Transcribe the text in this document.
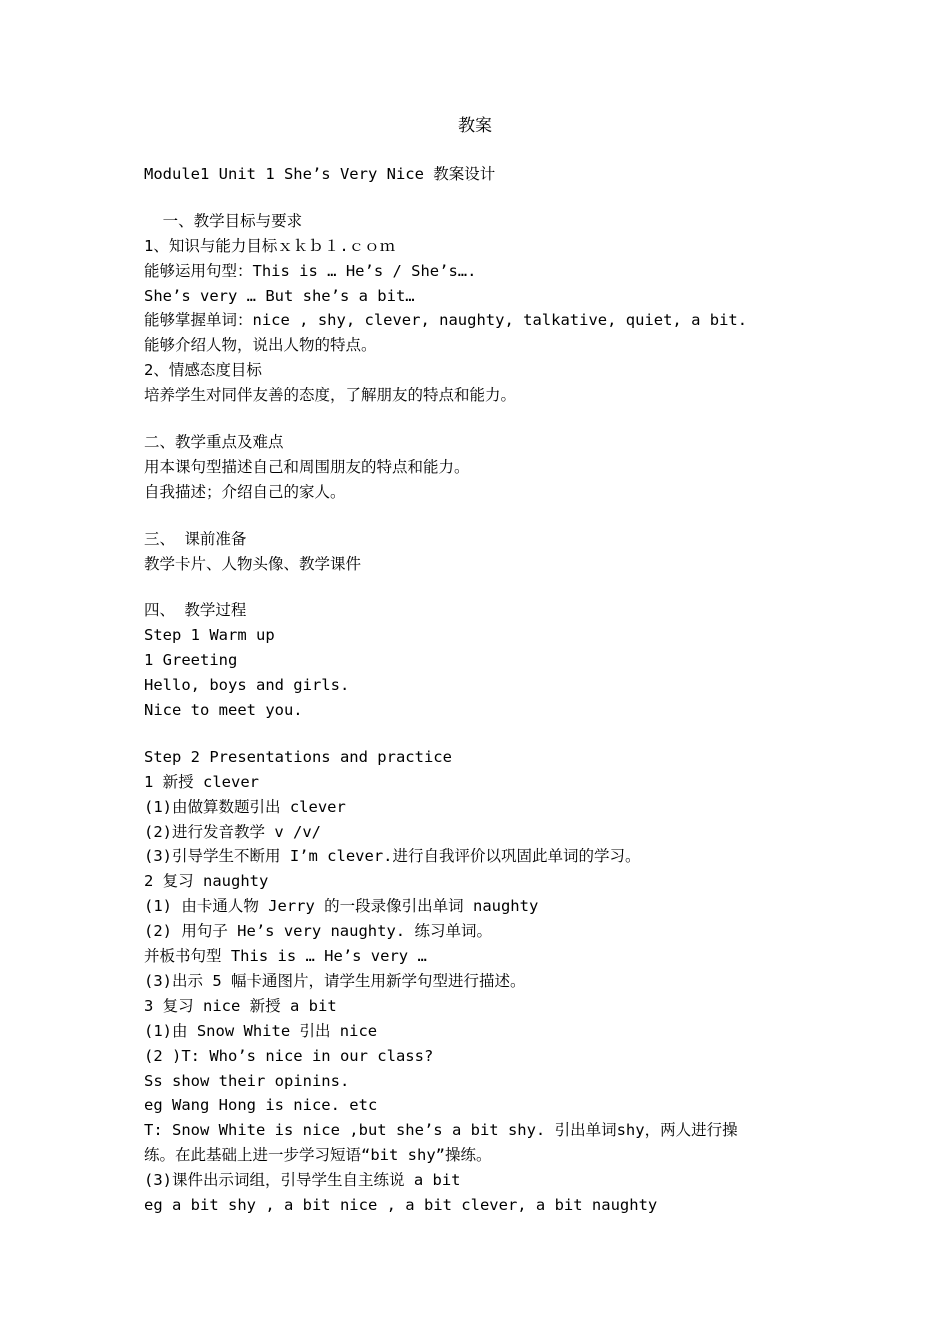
教案
Module1 Unit 1 She’s Very Nice 教案设计
一、教学目标与要求
1、知识与能力目标ｘｋｂ１.ｃｏｍ
能够运用句型：This is … He’s / She’s….
She’s very … But she’s a bit…
能够掌握单词：nice , shy, clever, naughty, talkative, quiet, a bit.
能够介绍人物，说出人物的特点。
2、情感态度目标
培养学生对同伴友善的态度，了解朋友的特点和能力。
二、教学重点及难点
用本课句型描述自己和周围朋友的特点和能力。
自我描述；介绍自己的家人。
三、 课前准备
教学卡片、人物头像、教学课件
四、 教学过程
Step 1 Warm up
1 Greeting
Hello, boys and girls.
Nice to meet you.
Step 2 Presentations and practice
1 新授 clever
(1)由做算数题引出 clever
(2)进行发音教学 v /v/
(3)引导学生不断用 I’m clever.进行自我评价以巩固此单词的学习。
2 复习 naughty
(1) 由卡通人物 Jerry 的一段录像引出单词 naughty
(2) 用句子 He’s very naughty. 练习单词。
并板书句型 This is … He’s very …
(3)出示 5 幅卡通图片，请学生用新学句型进行描述。
3 复习 nice 新授 a bit
(1)由 Snow White 引出 nice
(2 )T: Who’s nice in our class?
Ss show their opinins.
eg Wang Hong is nice. etc
T: Snow White is nice ,but she’s a bit shy. 引出单词shy，两人进行操
练。在此基础上进一步学习短语“bit shy”操练。
(3)课件出示词组，引导学生自主练说 a bit
eg a bit shy , a bit nice , a bit clever, a bit naughty
